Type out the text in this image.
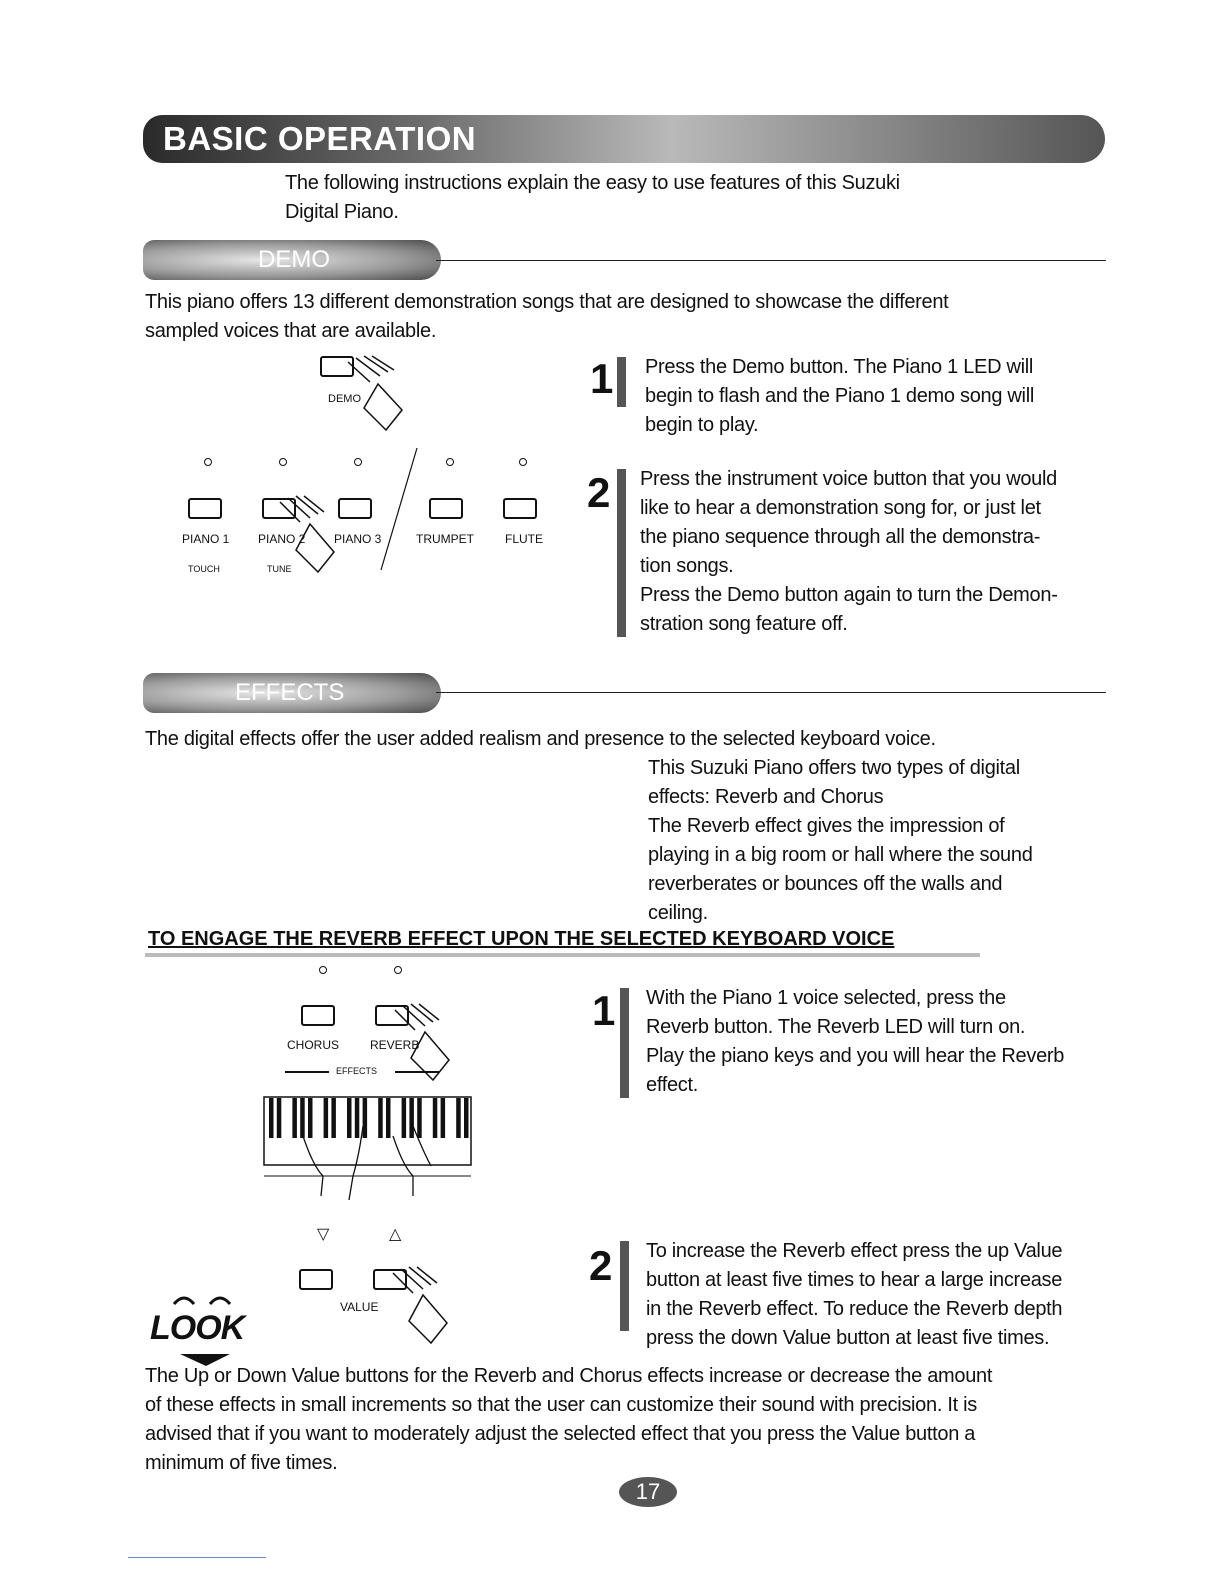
BASIC OPERATION
The following instructions explain the easy to use features of this Suzuki
Digital Piano.
DEMO
This piano offers 13 different demonstration songs that are designed to showcase the different
sampled voices that are available.
DEMO
PIANO 1 PIANO 2 PIANO 3	TRUMPET	FLUTE
TOUCH	TUNE
1 Press the Demo button. The Piano 1 LED will
begin to flash and the Piano 1 demo song will
begin to play.
2 Press the instrument voice button that you would
like to hear a demonstration song for, or just let
the piano sequence through all the demonstra-
tion songs.
Press the Demo button again to turn the Demon-
stration song feature off.
EFFECTS
The digital effects offer the user added realism and presence to the selected keyboard voice.
This Suzuki Piano offers two types of digital
effects: Reverb and Chorus
The Reverb effect gives the impression of
playing in a big room or hall where the sound
reverberates or bounces off the walls and
ceiling.
TO ENGAGE THE REVERB EFFECT UPON THE SELECTED KEYBOARD VOICE
CHORUS	REVERB
EFFECTS
▽	△
VALUE
1 With the Piano 1 voice selected, press the
Reverb button. The Reverb LED will turn on.
Play the piano keys and you will hear the Reverb
effect.
2 To increase the Reverb effect press the up Value
button at least five times to hear a large increase
in the Reverb effect. To reduce the Reverb depth
press the down Value button at least five times.
LOOK
The Up or Down Value buttons for the Reverb and Chorus effects increase or decrease the amount
of these effects in small increments so that the user can customize their sound with precision. It is
advised that if you want to moderately adjust the selected effect that you press the Value button a
minimum of five times.
17
